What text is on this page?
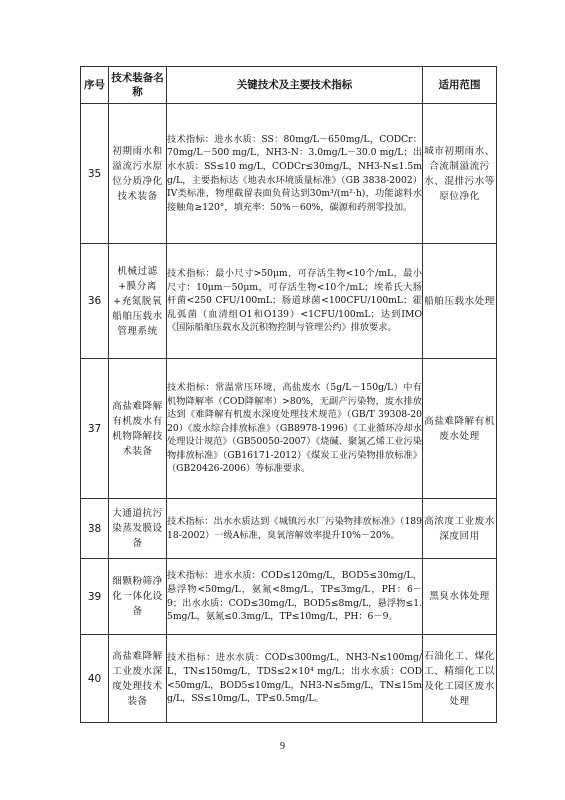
序号	技术装备名称	关键技术及主要技术指标	适用范围
35	初期雨水和溢流污水原位分质净化技术装备	技术指标：进水水质：SS：80mg/L－650mg/L，CODCr：70mg/L－500 mg/L，NH3-N：3.0mg/L－30.0 mg/L；出水水质：SS≤10 mg/L，CODCr≤30mg/L，NH3-N≤1.5mg/L，主要指标达《地表水环境质量标准》（GB 3838-2002）IV类标准，物理截留表面负荷达到30m³/(m²·h)，功能滤料水接触角≥120°，填充率：50%－60%，碳源和药剂零投加。	城市初期雨水、合流制溢流污水、混排污水等原位净化
36	机械过滤+膜分离+充氮脱氧船舶压载水管理系统	技术指标：最小尺寸>50μm，可存活生物<10个/mL，最小尺寸：10μm－50μm，可存活生物<10个/mL；埃希氏大肠杆菌<250 CFU/100mL；肠道球菌<100CFU/100mL；霍乱弧菌（血清组O1和O139）<1CFU/100mL；达到IMO《国际船舶压载水及沉积物控制与管理公约》排放要求。	船舶压载水处理
37	高盐难降解有机废水有机物降解技术装备	技术指标：常温常压环境，高盐废水（5g/L－150g/L）中有机物降解率（COD降解率）>80%，无副产污染物，废水排放达到《难降解有机废水深度处理技术规范》（GB/T 39308-2020）《废水综合排放标准》（GB8978-1996）《工业循环冷却水处理设计规范》（GB50050-2007）《烧碱、聚氯乙烯工业污染物排放标准》（GB16171-2012）《煤炭工业污染物排放标准》（GB20426-2006）等标准要求。	高盐难降解有机废水处理
38	大通道抗污染蒸发膜设备	技术指标：出水水质达到《城镇污水厂污染物排放标准》（18918-2002）一级A标准，臭氧溶解效率提升10%－20%。	高浓度工业废水深度回用
39	细颗粉筛净化一体化设备	技术指标：进水水质：COD≤120mg/L，BOD5≤30mg/L，悬浮物<50mg/L，氨氮<8mg/L，TP≤3mg/L，PH：6－9；出水水质：COD≤30mg/L，BOD5≤8mg/L，悬浮物≤1.5mg/L，氨氮≤0.3mg/L，TP≤10mg/L，PH：6－9。	黑臭水体处理
40	高盐难降解工业废水深度处理技术装备	技术指标：进水水质：COD≤300mg/L，NH3-N≤100mg/L，TN≤150mg/L，TDS≤2×10⁴ mg/L；出水水质：COD<50mg/L，BOD5≤10mg/L，NH3-N≤5mg/L，TN≤15mg/L，SS≤10mg/L，TP≤0.5mg/L。	石油化工、煤化工、精细化工以及化工园区废水处理
9
